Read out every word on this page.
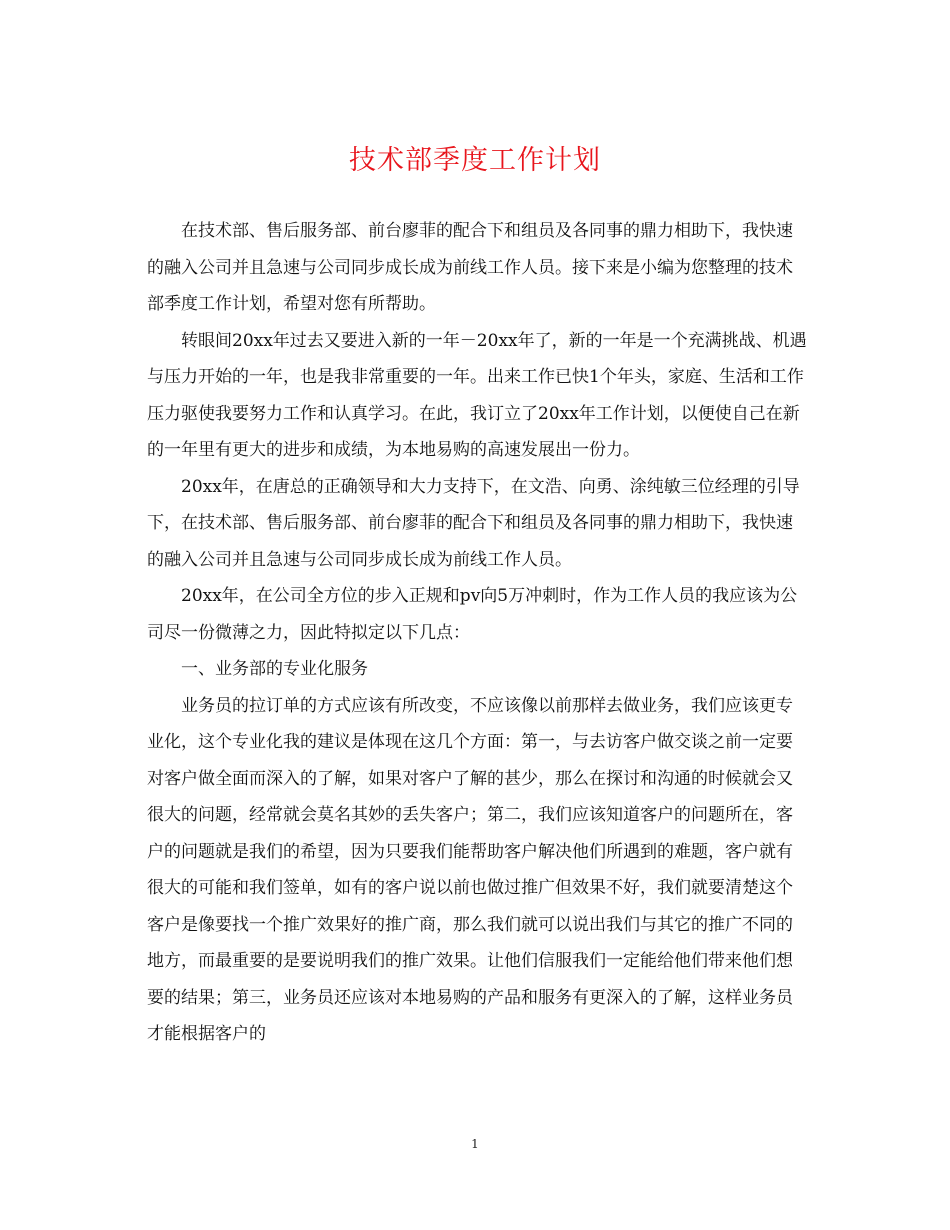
技术部季度工作计划

在技术部、售后服务部、前台廖菲的配合下和组员及各同事的鼎力相助下，我快速的融入公司并且急速与公司同步成长成为前线工作人员。接下来是小编为您整理的技术部季度工作计划，希望对您有所帮助。

转眼间20xx年过去又要进入新的一年－20xx年了，新的一年是一个充满挑战、机遇与压力开始的一年，也是我非常重要的一年。出来工作已快1个年头，家庭、生活和工作压力驱使我要努力工作和认真学习。在此，我订立了20xx年工作计划，以便使自己在新的一年里有更大的进步和成绩，为本地易购的高速发展出一份力。

20xx年，在唐总的正确领导和大力支持下，在文浩、向勇、涂纯敏三位经理的引导下，在技术部、售后服务部、前台廖菲的配合下和组员及各同事的鼎力相助下，我快速的融入公司并且急速与公司同步成长成为前线工作人员。

20xx年，在公司全方位的步入正规和pv向5万冲刺时，作为工作人员的我应该为公司尽一份微薄之力，因此特拟定以下几点：

一、业务部的专业化服务

业务员的拉订单的方式应该有所改变，不应该像以前那样去做业务，我们应该更专业化，这个专业化我的建议是体现在这几个方面：第一，与去访客户做交谈之前一定要对客户做全面而深入的了解，如果对客户了解的甚少，那么在探讨和沟通的时候就会又很大的问题，经常就会莫名其妙的丢失客户；第二，我们应该知道客户的问题所在，客户的问题就是我们的希望，因为只要我们能帮助客户解决他们所遇到的难题，客户就有很大的可能和我们签单，如有的客户说以前也做过推广但效果不好，我们就要清楚这个客户是像要找一个推广效果好的推广商，那么我们就可以说出我们与其它的推广不同的地方，而最重要的是要说明我们的推广效果。让他们信服我们一定能给他们带来他们想要的结果；第三，业务员还应该对本地易购的产品和服务有更深入的了解，这样业务员才能根据客户的

1
